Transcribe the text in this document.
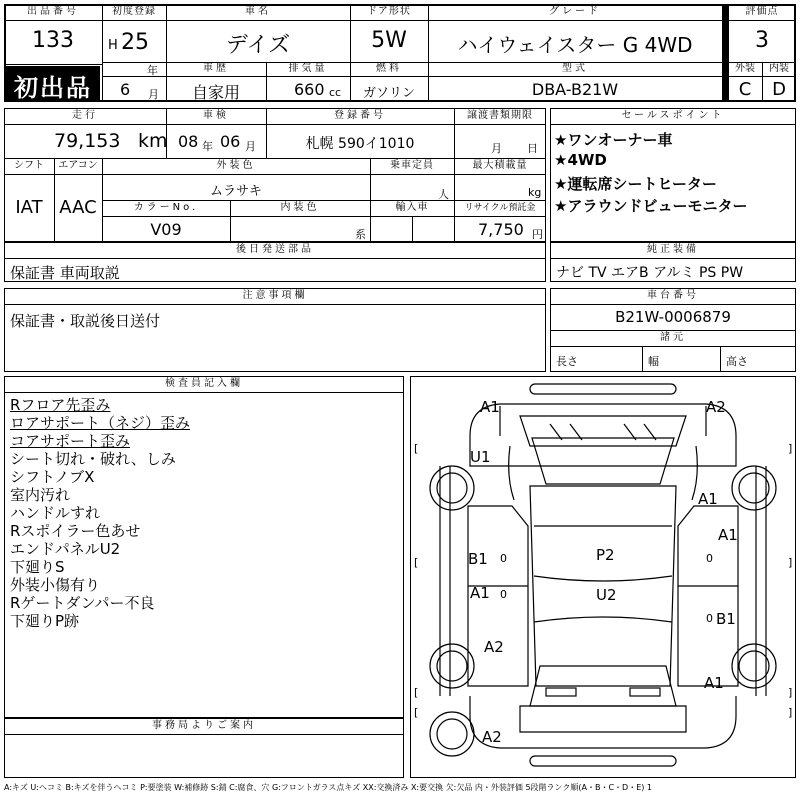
出品番号
133
初出品
初度登録
H 25
年
車名
デイズ
ドア形状
5W
グレード
ハイウェイスター G 4WD
評価点
3
6 月
車歴
自家用
排気量
660 cc
燃料
ガソリン
型式
DBA-B21W
外装
C
内装
D
走行
79,153 km
車検
08 年 06 月
登録番号
札幌 590イ1010
譲渡書類期限
月 日
シフト
IAT
エアコン
AAC
外装色
ムラサキ
乗車定員
人
最大積載量
kg
カラーNo.
V09
内装色
系
輸入車	リサイクル預託金
7,750 円
セールスポイント
★ワンオーナー車
★4WD
★運転席シートヒーター
★アラウンドビューモニター
後日発送部品
保証書 車両取説
純正装備
ナビ TV エアB アルミ PS PW
注意事項欄
保証書・取説後日送付
車台番号
B21W-0006879
諸元
長さ	幅	高さ
検査員記入欄
Rフロア先歪み
ロアサポート（ネジ）歪み
コアサポート歪み
シート切れ・破れ、しみ
シフトノブX
室内汚れ
ハンドルすれ
Rスポイラー色あせ
エンドパネルU2
下廻りS
外装小傷有り
Rゲートダンパー不良
下廻りP跡
事務局よりご案内
[	]
[	]
[	]
[	]
A1	A2
U1
A1
A1
B1	P2
A1	U2
B1
A2
A1
A2
0
0
0
0
A:キズ U:ヘコミ B:キズを伴うヘコミ P:要塗装 W:補修跡 S:錆 C:腐食、穴 G:フロントガラス点キズ XX:交換済み X:要交換 欠:欠品 内・外装評価 5段階ランク順(A・B・C・D・E) 1
